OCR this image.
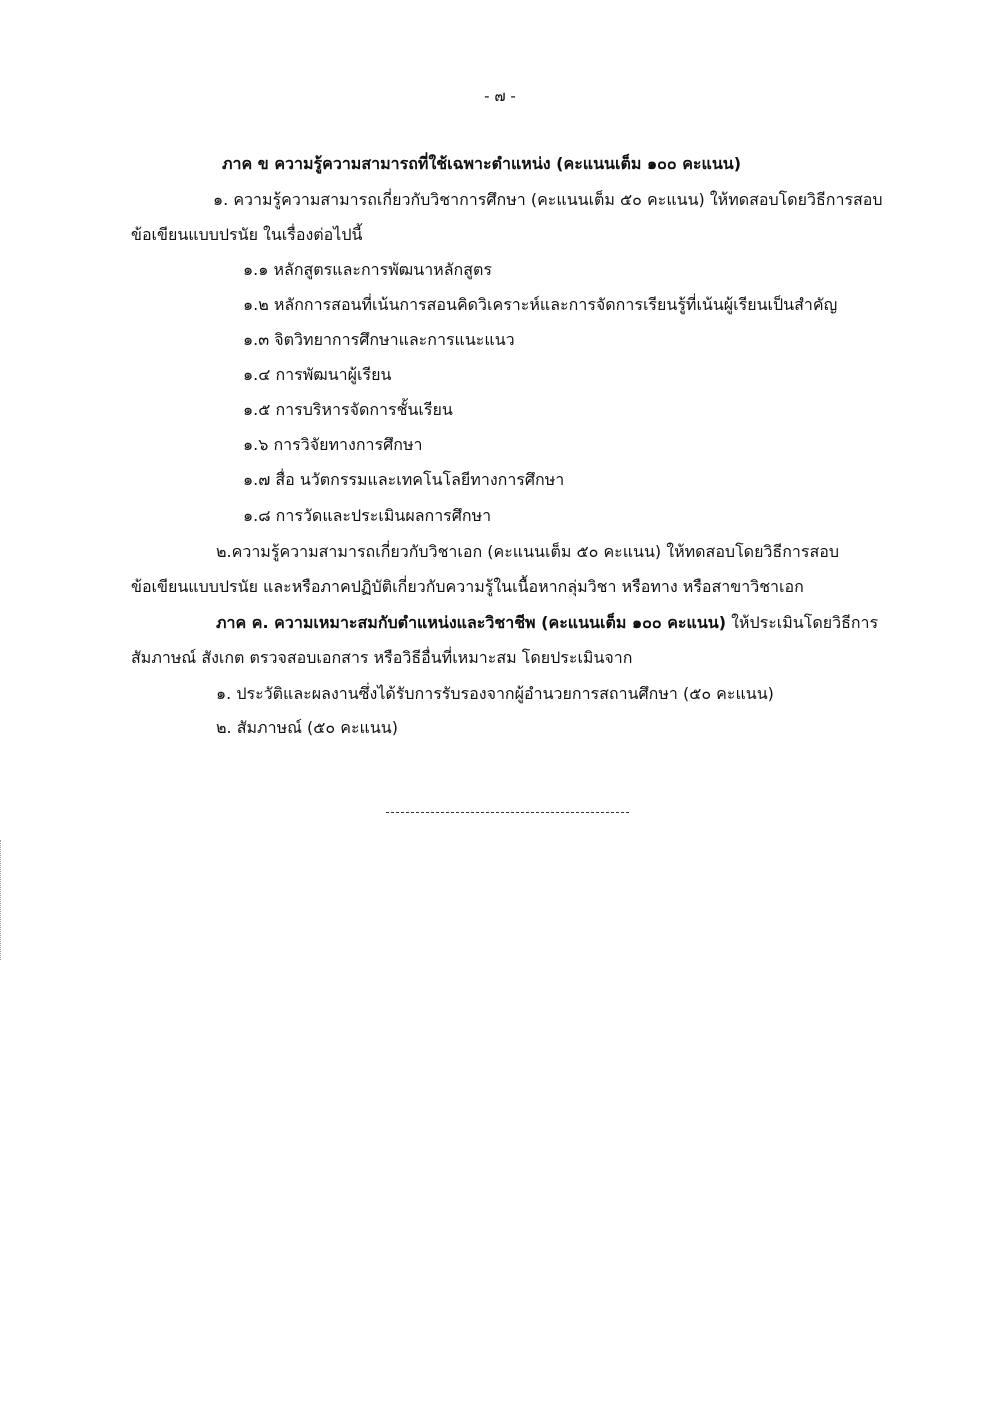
- ๗ -
ภาค ข ความรู้ความสามารถที่ใช้เฉพาะตำแหน่ง (คะแนนเต็ม ๑๐๐ คะแนน)
๑. ความรู้ความสามารถเกี่ยวกับวิชาการศึกษา (คะแนนเต็ม ๕๐ คะแนน) ให้ทดสอบโดยวิธีการสอบ
ข้อเขียนแบบปรนัย ในเรื่องต่อไปนี้
๑.๑ หลักสูตรและการพัฒนาหลักสูตร
๑.๒ หลักการสอนที่เน้นการสอนคิดวิเคราะห์และการจัดการเรียนรู้ที่เน้นผู้เรียนเป็นสำคัญ
๑.๓ จิตวิทยาการศึกษาและการแนะแนว
๑.๔ การพัฒนาผู้เรียน
๑.๕ การบริหารจัดการชั้นเรียน
๑.๖ การวิจัยทางการศึกษา
๑.๗ สื่อ นวัตกรรมและเทคโนโลยีทางการศึกษา
๑.๘ การวัดและประเมินผลการศึกษา
๒.ความรู้ความสามารถเกี่ยวกับวิชาเอก (คะแนนเต็ม ๕๐ คะแนน) ให้ทดสอบโดยวิธีการสอบ
ข้อเขียนแบบปรนัย และหรือภาคปฏิบัติเกี่ยวกับความรู้ในเนื้อหากลุ่มวิชา หรือทาง หรือสาขาวิชาเอก
ภาค ค. ความเหมาะสมกับตำแหน่งและวิชาชีพ (คะแนนเต็ม ๑๐๐ คะแนน) ให้ประเมินโดยวิธีการ
สัมภาษณ์ สังเกต ตรวจสอบเอกสาร หรือวิธีอื่นที่เหมาะสม โดยประเมินจาก
๑. ประวัติและผลงานซึ่งได้รับการรับรองจากผู้อำนวยการสถานศึกษา (๕๐ คะแนน)
๒. สัมภาษณ์ (๕๐ คะแนน)
